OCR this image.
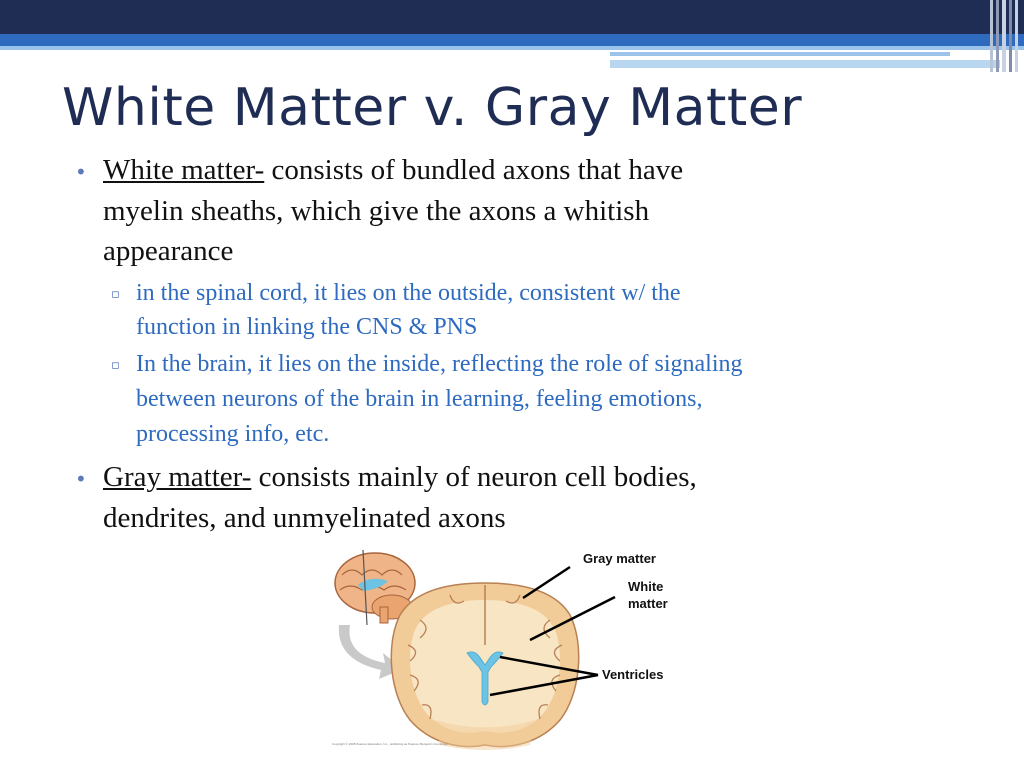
White Matter v. Gray Matter
• White matter- consists of bundled axons that have
myelin sheaths, which give the axons a whitish
appearance
▫ in the spinal cord, it lies on the outside, consistent w/ the
function in linking the CNS & PNS
▫ In the brain, it lies on the inside, reflecting the role of signaling
between neurons of the brain in learning, feeling emotions,
processing info, etc.
• Gray matter- consists mainly of neuron cell bodies,
dendrites, and unmyelinated axons
Gray matter
White
matter
Ventricles
Copyright © 2008 Pearson Education, Inc., publishing as Pearson Benjamin Cummings
